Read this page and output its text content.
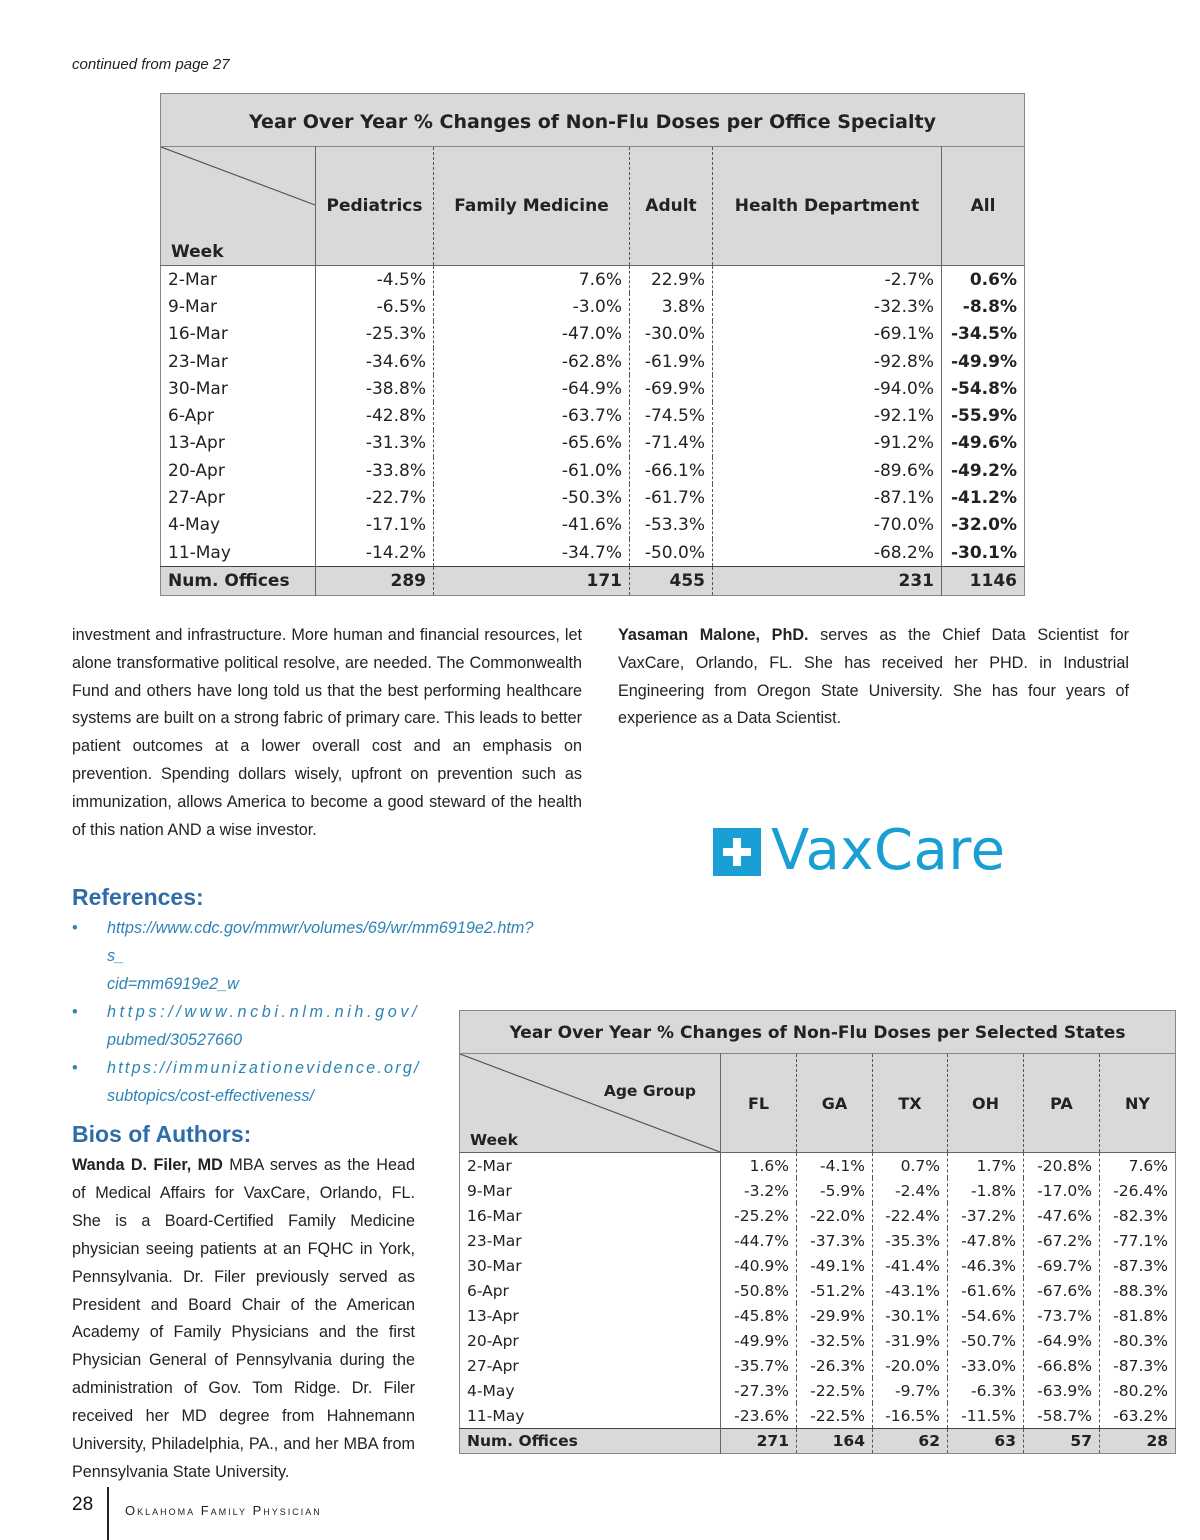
continued from page 27
Year Over Year % Changes of Non-Flu Doses per Office Specialty					

Week	Pediatrics	Family Medicine	Adult	Health Department	All
2-Mar	-4.5%	7.6%	22.9%	-2.7%	0.6%
9-Mar	-6.5%	-3.0%	3.8%	-32.3%	-8.8%
16-Mar	-25.3%	-47.0%	-30.0%	-69.1%	-34.5%
23-Mar	-34.6%	-62.8%	-61.9%	-92.8%	-49.9%
30-Mar	-38.8%	-64.9%	-69.9%	-94.0%	-54.8%
6-Apr	-42.8%	-63.7%	-74.5%	-92.1%	-55.9%
13-Apr	-31.3%	-65.6%	-71.4%	-91.2%	-49.6%
20-Apr	-33.8%	-61.0%	-66.1%	-89.6%	-49.2%
27-Apr	-22.7%	-50.3%	-61.7%	-87.1%	-41.2%
4-May	-17.1%	-41.6%	-53.3%	-70.0%	-32.0%
11-May	-14.2%	-34.7%	-50.0%	-68.2%	-30.1%
Num. Offices	289	171	455	231	1146

investment and infrastructure. More human and financial resources, let alone transformative political resolve, are needed. The Commonwealth Fund and others have long told us that the best performing healthcare systems are built on a strong fabric of primary care. This leads to better patient outcomes at a lower overall cost and an emphasis on prevention. Spending dollars wisely, upfront on prevention such as immunization, allows America to become a good steward of the health of this nation AND a wise investor.

Yasaman Malone, PhD. serves as the Chief Data Scientist for VaxCare, Orlando, FL. She has received her PHD. in Industrial Engineering from Oregon State University. She has four years of experience as a Data Scientist.

VaxCare
References:
• https://www.cdc.gov/mmwr/volumes/69/wr/mm6919e2.htm?s_
cid=mm6919e2_w
• https://www.ncbi.nlm.nih.gov/
pubmed/30527660
• https://immunizationevidence.org/
subtopics/cost-effectiveness/
Bios of Authors:
Wanda D. Filer, MD MBA serves as the Head of Medical Affairs for VaxCare, Orlando, FL. She is a Board-Certified Family Medicine physician seeing patients at an FQHC in York, Pennsylvania. Dr. Filer previously served as President and Board Chair of the American Academy of Family Physicians and the first Physician General of Pennsylvania during the administration of Gov. Tom Ridge. Dr. Filer received her MD degree from Hahnemann University, Philadelphia, PA., and her MBA from Pennsylvania State University.
Year Over Year % Changes of Non-Flu Doses per Selected States						

Age Group
Week	FL	GA	TX	OH	PA	NY
2-Mar	1.6%	-4.1%	0.7%	1.7%	-20.8%	7.6%
9-Mar	-3.2%	-5.9%	-2.4%	-1.8%	-17.0%	-26.4%
16-Mar	-25.2%	-22.0%	-22.4%	-37.2%	-47.6%	-82.3%
23-Mar	-44.7%	-37.3%	-35.3%	-47.8%	-67.2%	-77.1%
30-Mar	-40.9%	-49.1%	-41.4%	-46.3%	-69.7%	-87.3%
6-Apr	-50.8%	-51.2%	-43.1%	-61.6%	-67.6%	-88.3%
13-Apr	-45.8%	-29.9%	-30.1%	-54.6%	-73.7%	-81.8%
20-Apr	-49.9%	-32.5%	-31.9%	-50.7%	-64.9%	-80.3%
27-Apr	-35.7%	-26.3%	-20.0%	-33.0%	-66.8%	-87.3%
4-May	-27.3%	-22.5%	-9.7%	-6.3%	-63.9%	-80.2%
11-May	-23.6%	-22.5%	-16.5%	-11.5%	-58.7%	-63.2%
Num. Offices	271	164	62	63	57	28
28 Oklahoma Family Physician
